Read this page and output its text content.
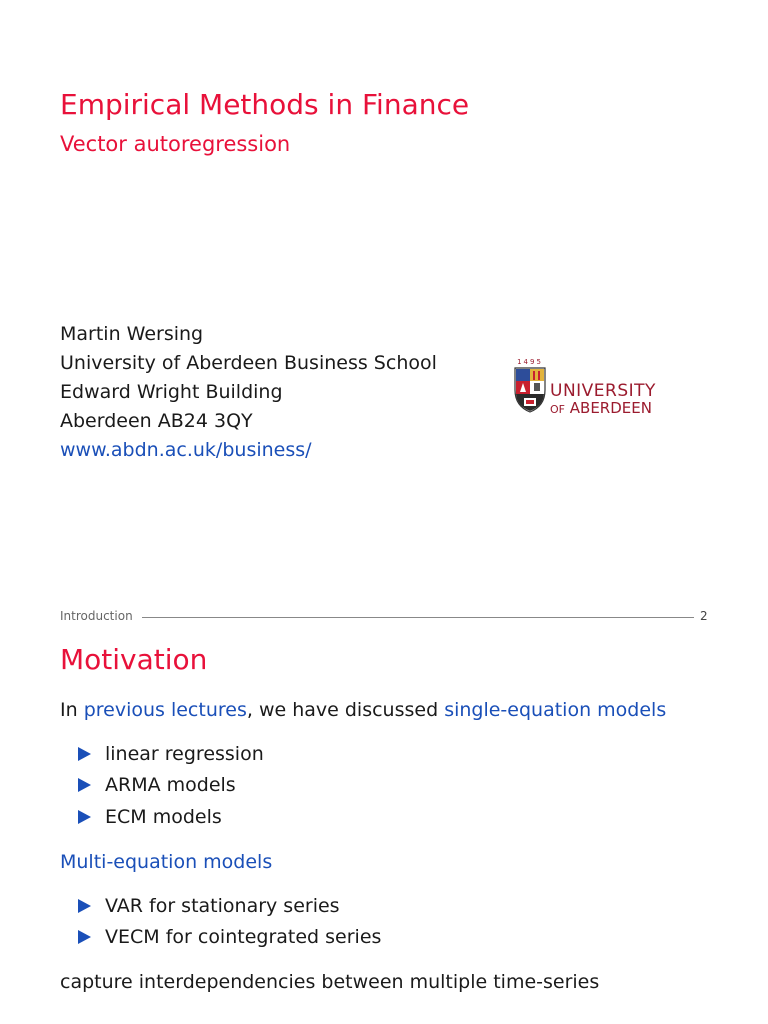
Empirical Methods in Finance
Vector autoregression
Martin Wersing
University of Aberdeen Business School
Edward Wright Building
Aberdeen AB24 3QY
www.abdn.ac.uk/business/
1495
UNIVERSITY
OF ABERDEEN
Introduction	2
Motivation
In previous lectures, we have discussed single-equation models
linear regression
ARMA models
ECM models
Multi-equation models
VAR for stationary series
VECM for cointegrated series
capture interdependencies between multiple time-series
